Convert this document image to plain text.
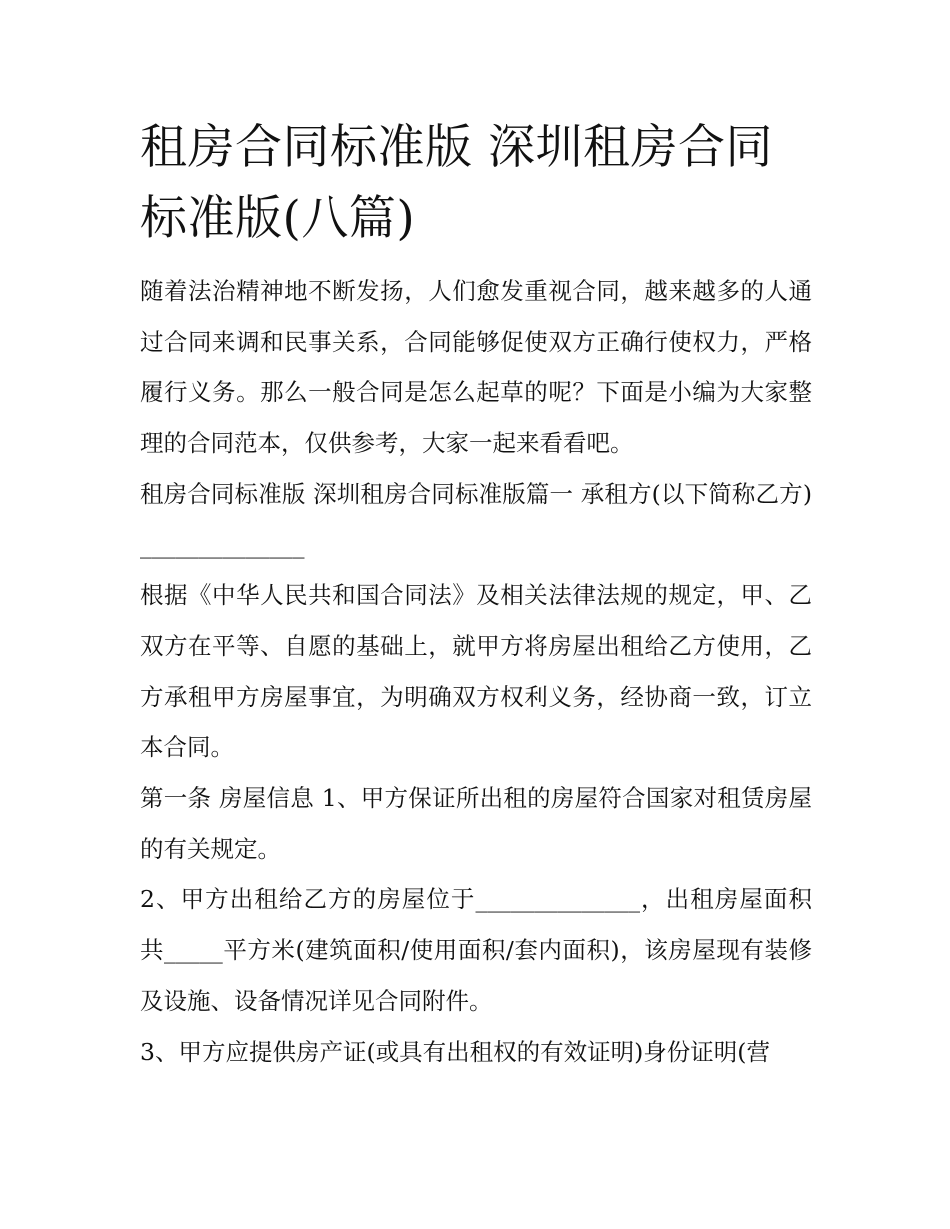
租房合同标准版 深圳租房合同标准版(八篇)

随着法治精神地不断发扬，人们愈发重视合同，越来越多的人通过合同来调和民事关系，合同能够促使双方正确行使权力，严格履行义务。那么一般合同是怎么起草的呢？下面是小编为大家整理的合同范本，仅供参考，大家一起来看看吧。

租房合同标准版 深圳租房合同标准版篇一 承租方(以下简称乙方)______________

根据《中华人民共和国合同法》及相关法律法规的规定，甲、乙双方在平等、自愿的基础上，就甲方将房屋出租给乙方使用，乙方承租甲方房屋事宜，为明确双方权利义务，经协商一致，订立本合同。

第一条 房屋信息 1、甲方保证所出租的房屋符合国家对租赁房屋的有关规定。

2、甲方出租给乙方的房屋位于______________，出租房屋面积共_____平方米(建筑面积/使用面积/套内面积)，该房屋现有装修及设施、设备情况详见合同附件。

3、甲方应提供房产证(或具有出租权的有效证明)身份证明(营
